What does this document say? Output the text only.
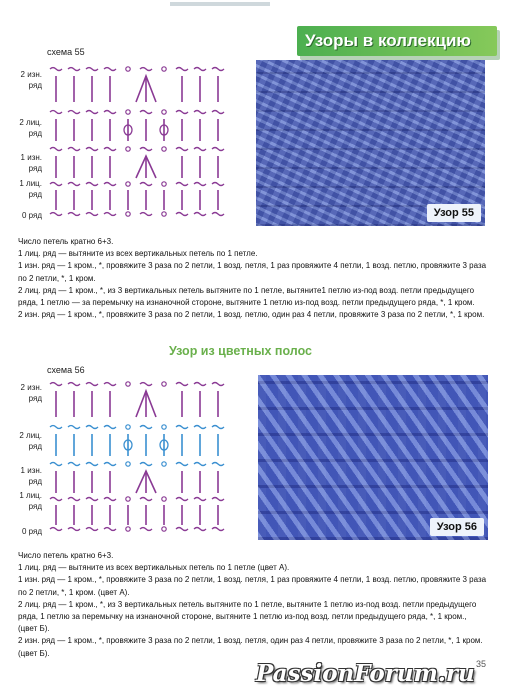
Узоры в коллекцию
схема 55
2 изн.
ряд
2 лиц.
ряд
1 изн.
ряд
1 лиц.
ряд
0 ряд	Узор 55

Число петель кратно 6+3.

1 лиц. ряд — вытяните из всех вертикальных петель по 1 петле.

1 изн. ряд — 1 кром., *, провяжите 3 раза по 2 петли, 1 возд. петля, 1 раз провяжите 4 петли, 1 возд. петлю, провяжите 3 раза по 2 петли, *, 1 кром.

2 лиц. ряд — 1 кром., *, из 3 вертикальных петель вытяните по 1 петле, вытяните1 петлю из-под возд. петли предыдущего ряда, 1 петлю — за перемычку на изнаночной стороне, вытяните 1 петлю из-под возд. петли предыдущего ряда, *, 1 кром.

2 изн. ряд — 1 кром., *, провяжите 3 раза по 2 петли, 1 возд. петлю, один раз 4 петли, провяжите 3 раза по 2 петли, *, 1 кром.

Узор из цветных полос
схема 56
2 изн.
ряд
2 лиц.
ряд
1 изн.
ряд
1 лиц.
ряд
0 ряд	Узор 56

Число петель кратно 6+3.

1 лиц. ряд — вытяните из всех вертикальных петель по 1 петле (цвет А).

1 изн. ряд — 1 кром., *, провяжите 3 раза по 2 петли, 1 возд. петля, 1 раз провяжите 4 петли, 1 возд. петлю, провяжите 3 раза по 2 петли, *, 1 кром. (цвет А).

2 лиц. ряд — 1 кром., *, из 3 вертикальных петель вытяните по 1 петле, вытяните 1 петлю из-под возд. петли предыдущего ряда, 1 петлю за перемычку на изнаночной стороне, вытяните 1 петлю из-под возд. петли предыдущего ряда, *, 1 кром., (цвет Б).

2 изн. ряд — 1 кром., *, провяжите 3 раза по 2 петли, 1 возд. петля, один раз 4 петли, провяжите 3 раза по 2 петли, *, 1 кром. (цвет Б).

35
PassionForum.ru
